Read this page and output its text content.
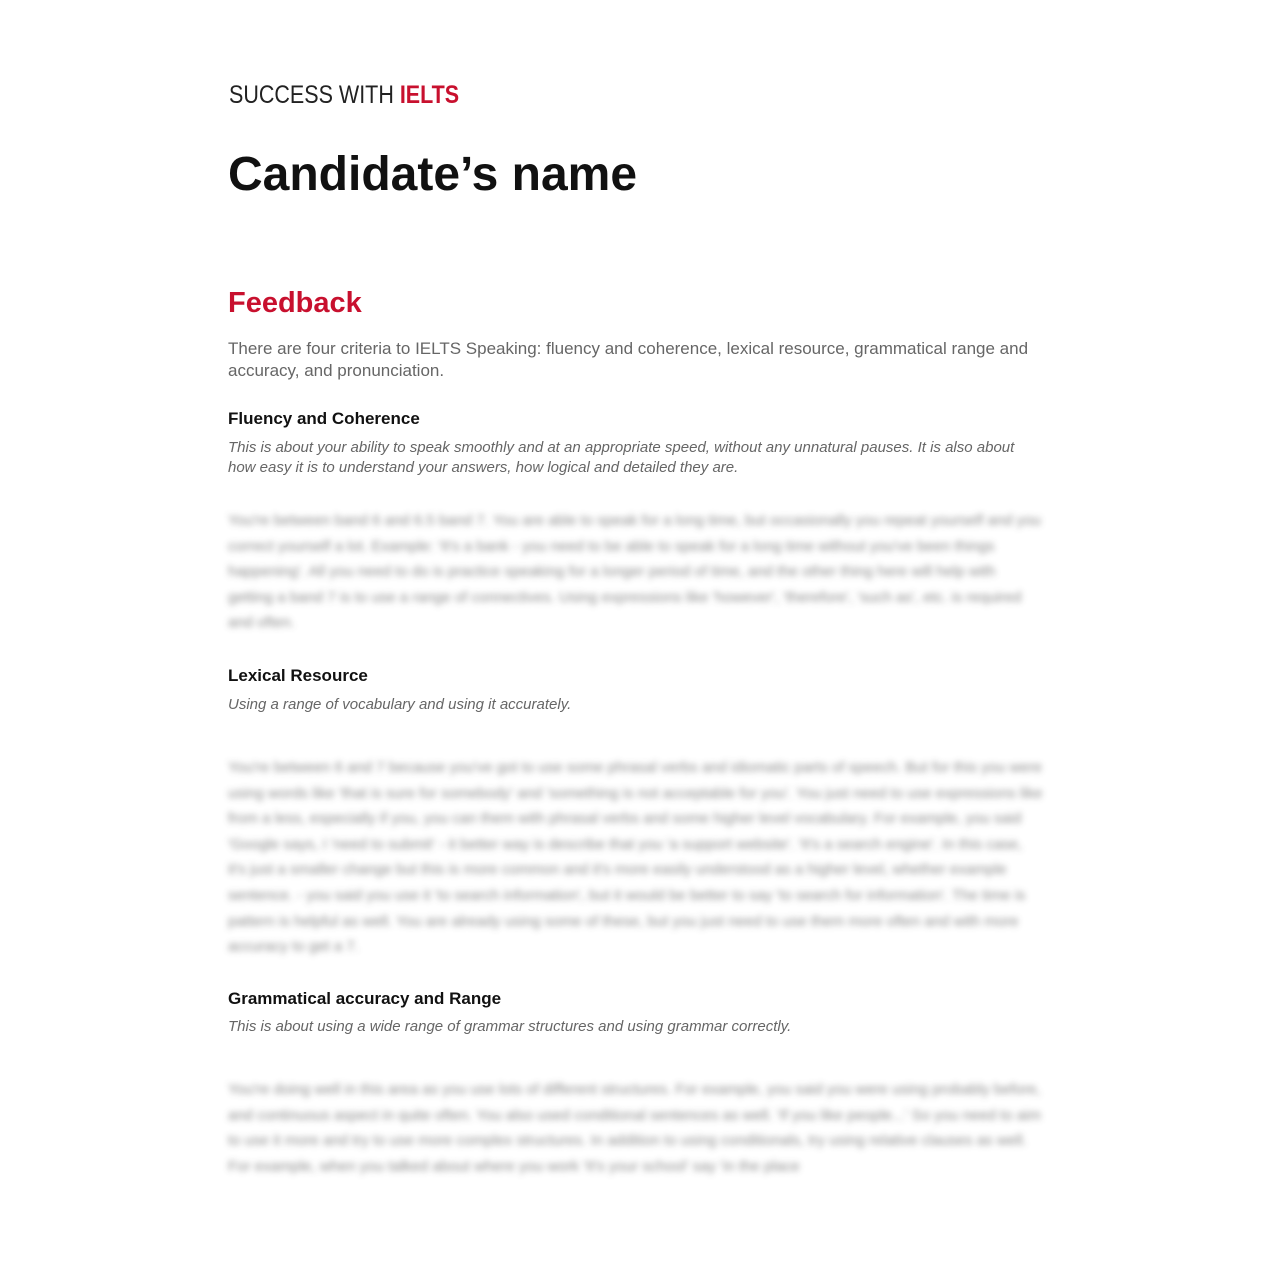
SUCCESS WITH IELTS
Candidate’s name
Feedback

There are four criteria to IELTS Speaking: fluency and coherence, lexical resource, grammatical range and accuracy, and pronunciation.

Fluency and Coherence

This is about your ability to speak smoothly and at an appropriate speed, without any unnatural pauses. It is also about how easy it is to understand your answers, how logical and detailed they are.

You're between band 6 and 6.5 band 7. You are able to speak for a long time, but occasionally you repeat yourself and you correct yourself a lot. Example: 'It's a bank - you need to be able to speak for a long time without you've been things happening'. All you need to do is practice speaking for a longer period of time, and the other thing here will help with getting a band 7 is to use a range of connectives. Using expressions like 'however', 'therefore', 'such as', etc. is required and often.

Lexical Resource

Using a range of vocabulary and using it accurately.

You're between 6 and 7 because you've got to use some phrasal verbs and idiomatic parts of speech. But for this you were using words like 'that is sure for somebody' and 'something is not acceptable for you'. You just need to use expressions like from a less, especially if you, you can them with phrasal verbs and some higher level vocabulary. For example, you said 'Google says, I 'need to submit' - it better way is describe that you 'a support website'. 'It's a search engine'. In this case, it's just a smaller change but this is more common and it's more easily understood as a higher level, whether example sentence. - you said you use it 'to search information', but it would be better to say 'to search for information'. The time is pattern is helpful as well. You are already using some of these, but you just need to use them more often and with more accuracy to get a 7.

Grammatical accuracy and Range

This is about using a wide range of grammar structures and using grammar correctly.

You're doing well in this area as you use lots of different structures. For example, you said you were using probably before, and continuous aspect in quite often. You also used conditional sentences as well. 'If you like people...' So you need to aim to use it more and try to use more complex structures. In addition to using conditionals, try using relative clauses as well. For example, when you talked about where you work 'It's your school' say 'in the place
